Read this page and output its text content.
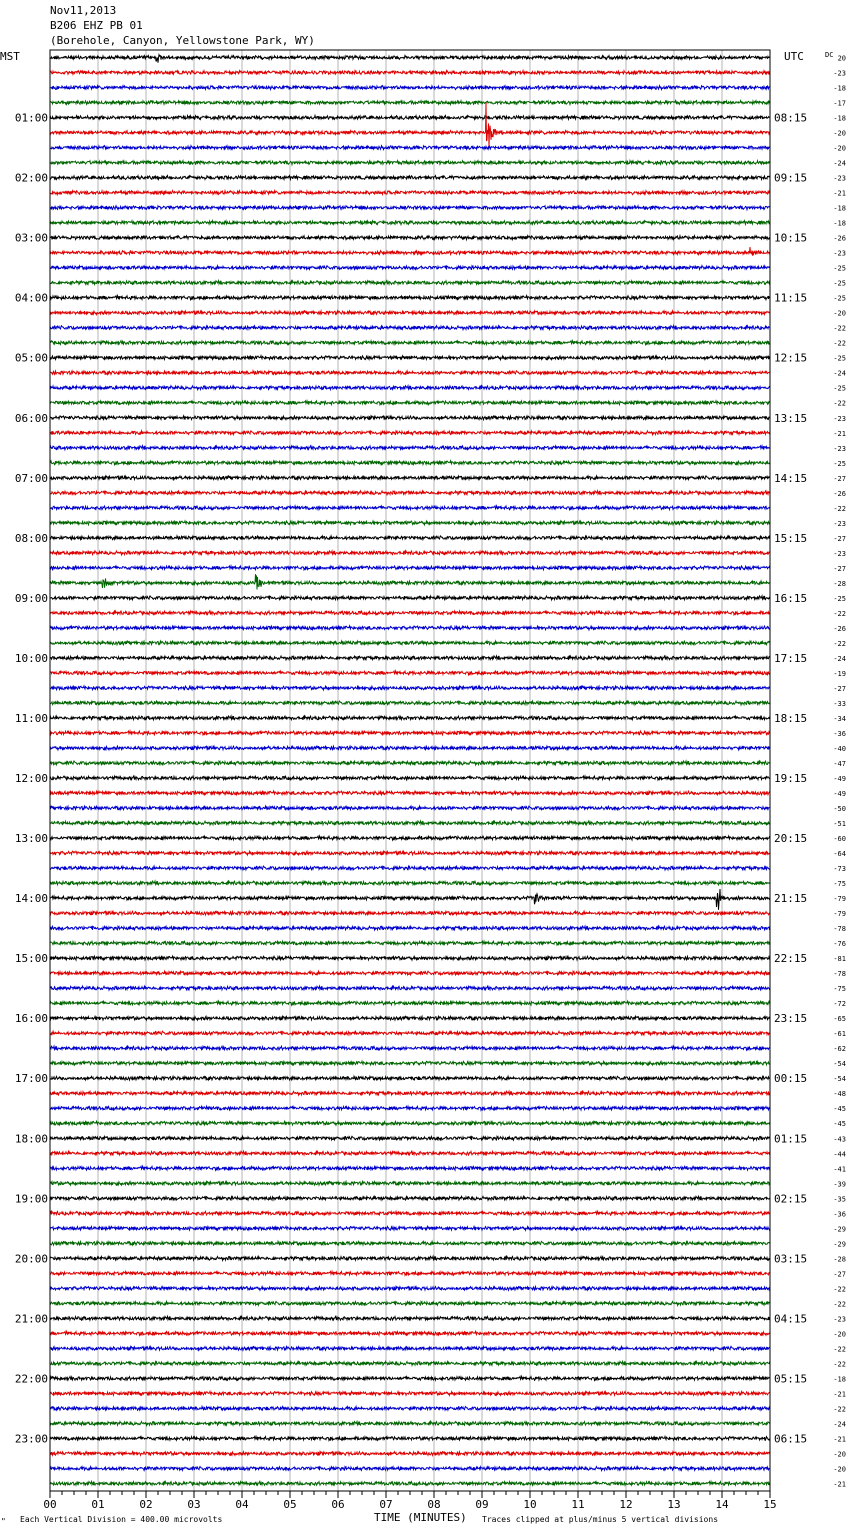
Nov11,2013
B206 EHZ PB 01
(Borehole, Canyon, Yellowstone Park, WY)
MST	UTC	DC
01:00
02:00
03:00
04:00
05:00
06:00
07:00
08:00
09:00
10:00
11:00
12:00
13:00
14:00
15:00
16:00
17:00
18:00
19:00
20:00
21:00
22:00
23:00
08:15
09:15
10:15
11:15
12:15
13:15
14:15
15:15
16:15
17:15
18:15
19:15
20:15
21:15
22:15
23:15
00:15
01:15
02:15
03:15
04:15
05:15
06:15
20
-23
-18
-17
-18
-20
-20
-24
-23
-21
-18
-18
-26
-23
-25
-25
-25
-20
-22
-22
-25
-24
-25
-22
-23
-21
-23
-25
-27
-26
-22
-23
-27
-23
-27
-28
-25
-22
-26
-22
-24
-19
-27
-33
-34
-36
-40
-47
-49
-49
-50
-51
-60
-64
-73
-75
-79
-79
-78
-76
-81
-78
-75
-72
-65
-61
-62
-54
-54
-48
-45
-45
-43
-44
-41
-39
-35
-36
-29
-29
-28
-27
-22
-22
-23
-20
-22
-22
-18
-21
-22
-24
-21
-20
-20
-21
00	01	02	03	04	05	06	07	08	09	10	11	12	13	14	15
" Each Vertical Division = 400.00 microvolts	TIME (MINUTES) Traces clipped at plus/minus 5 vertical divisions
